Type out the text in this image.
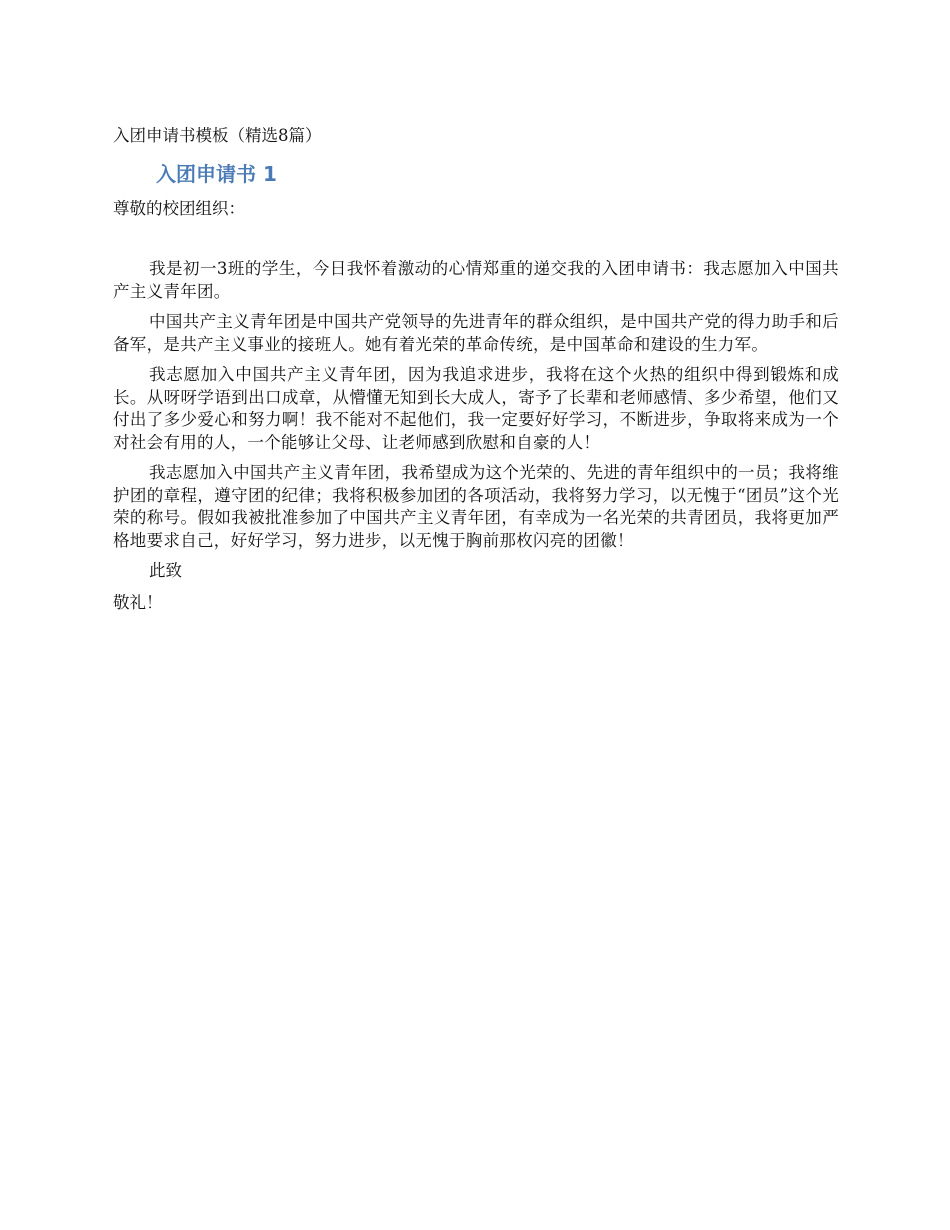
入团申请书模板（精选8篇）
入团申请书 1
尊敬的校团组织：

我是初一3班的学生，今日我怀着激动的心情郑重的递交我的入团申请书：我志愿加入中国共产主义青年团。

中国共产主义青年团是中国共产党领导的先进青年的群众组织，是中国共产党的得力助手和后备军，是共产主义事业的接班人。她有着光荣的革命传统，是中国革命和建设的生力军。

我志愿加入中国共产主义青年团，因为我追求进步，我将在这个火热的组织中得到锻炼和成长。从呀呀学语到出口成章，从懵懂无知到长大成人，寄予了长辈和老师感情、多少希望，他们又付出了多少爱心和努力啊！我不能对不起他们，我一定要好好学习，不断进步，争取将来成为一个对社会有用的人，一个能够让父母、让老师感到欣慰和自豪的人！

我志愿加入中国共产主义青年团，我希望成为这个光荣的、先进的青年组织中的一员；我将维护团的章程，遵守团的纪律；我将积极参加团的各项活动，我将努力学习，以无愧于“团员”这个光荣的称号。假如我被批准参加了中国共产主义青年团，有幸成为一名光荣的共青团员，我将更加严格地要求自己，好好学习，努力进步，以无愧于胸前那枚闪亮的团徽！

此致
敬礼！
